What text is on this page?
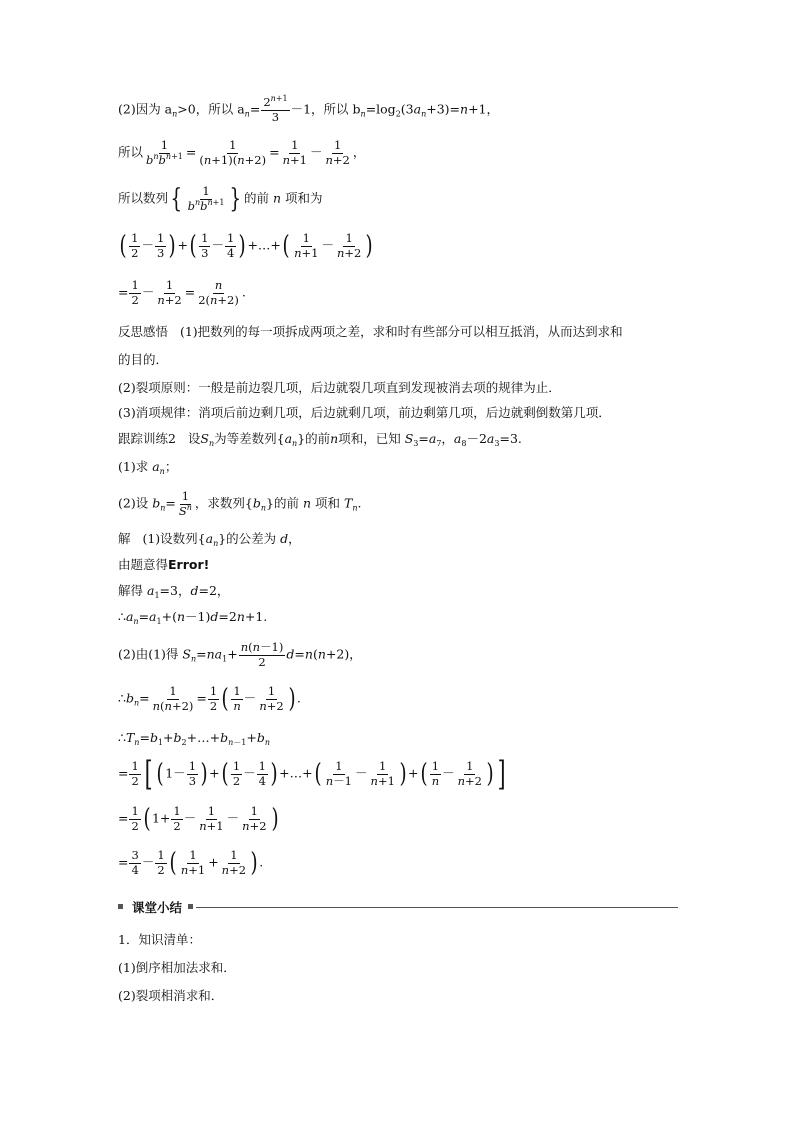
(2)因为 $a_n>0$，所以 $a_n= \frac{2^{n+1}}{3} -1$，所以 $b_n=\log_2(3a_n+3)=n+1$，
所以 $\frac{1}{b^nb^{n+1}} = \frac{1}{(n+1)(n+2)} = \frac{1}{n+1} - \frac{1}{n+2}$ ，
所以数列{ $\frac{1}{b^nb^{n+1}}$ } 的前 n 项和为
( $\frac{1}{2} - \frac{1}{3}$ ) +( $\frac{1}{3} - \frac{1}{4}$ ) +…+( $\frac{1}{n+1} - \frac{1}{n+2}$ )
= $\frac{1}{2} - \frac{1}{n+2} = \frac{n}{2(n+2)}$ .
反思感悟 (1)把数列的每一项拆成两项之差，求和时有些部分可以相互抵消，从而达到求和
的目的．
(2)裂项原则：一般是前边裂几项，后边就裂几项直到发现被消去项的规律为止．
(3)消项规律：消项后前边剩几项，后边就剩几项，前边剩第几项，后边就剩倒数第几项．
跟踪训练2 设$S_n$为等差数列$\{a_n\}$的前n项和，已知 $S_3=a_7$，$a_8-2a_3=3$.
(1)求 $a_n$；
(2)设 $b_n= \frac{1}{S^n}$ ，求数列$\{b_n\}$的前 n 项和 $T_n$.
解 (1)设数列$\{a_n\}$的公差为 d，
由题意得Error!
解得 $a_1=3$，d=2，
$\therefore a_n=a_1+(n-1)d=2n+1$.
(2)由(1)得 $S_n=na_1+ \frac{n(n-1)}{2} d=n(n+2)$，
$\therefore b_n= \frac{1}{n(n+2)} = \frac{1}{2}$ ( $\frac{1}{n} - \frac{1}{n+2}$ ) .
$\therefore T_n=b_1+b_2+\dots+b_{n-1}+b_n$
= $\frac{1}{2}$ [ ( $1- \frac{1}{3}$ ) +( $\frac{1}{2} - \frac{1}{4}$ ) +…+( $\frac{1}{n-1} - \frac{1}{n+1}$ ) +( $\frac{1}{n} - \frac{1}{n+2}$ ) ]
= $\frac{1}{2}$ ( $1+ \frac{1}{2} - \frac{1}{n+1} - \frac{1}{n+2}$ )
= $\frac{3}{4} - \frac{1}{2}$ ( $\frac{1}{n+1} + \frac{1}{n+2}$ ) .
课堂小结
1．知识清单：
(1)倒序相加法求和．
(2)裂项相消求和．
